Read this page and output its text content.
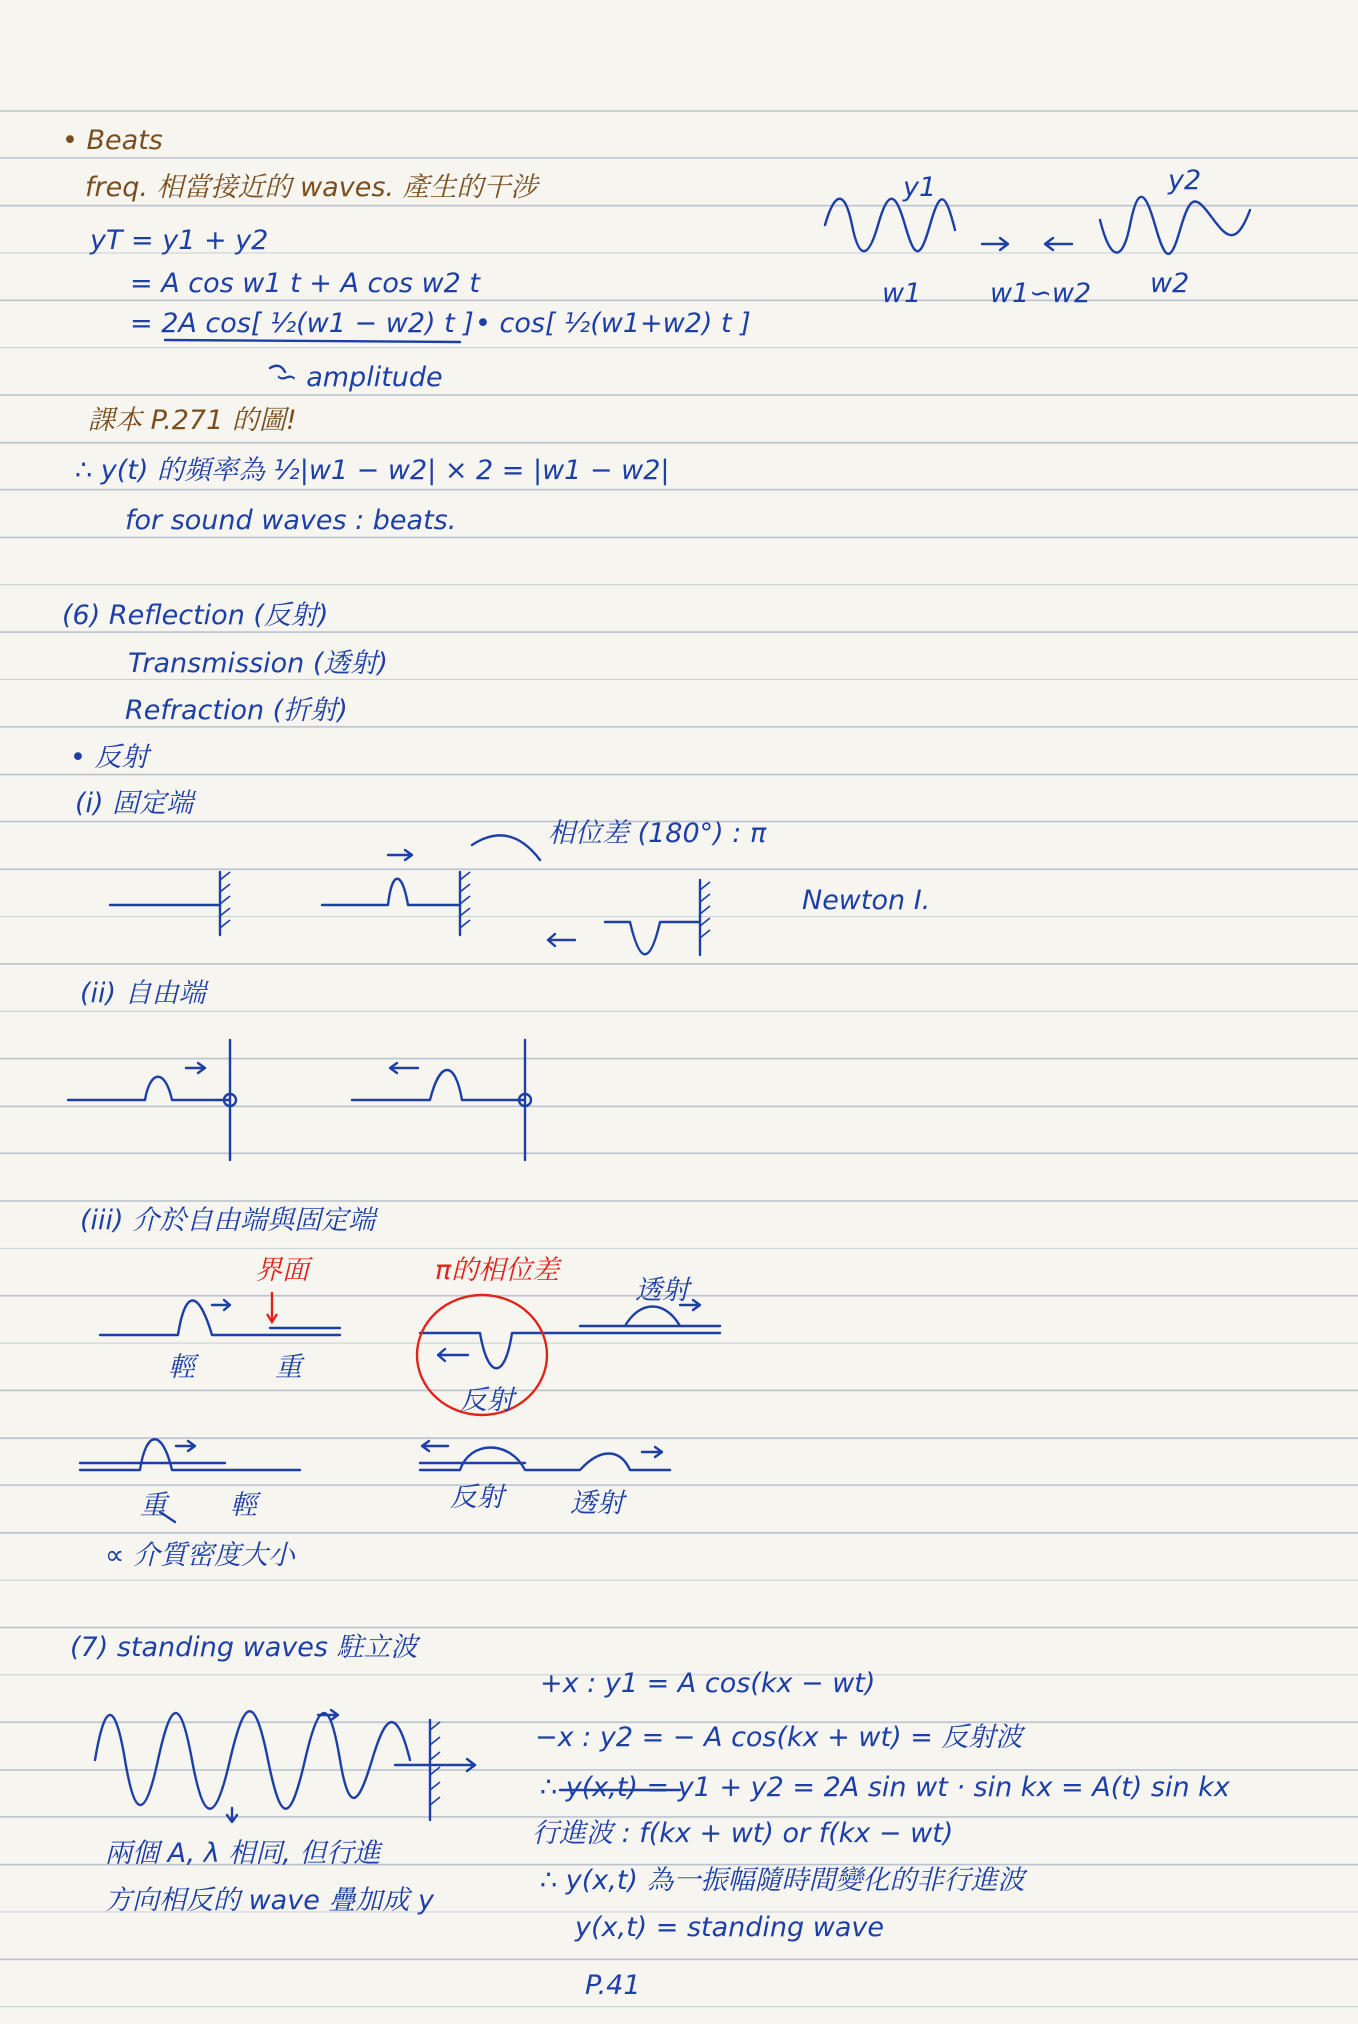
• Beats
freq. 相當接近的 waves. 產生的干涉
yT = y1 + y2
= A cos w1 t + A cos w2 t
= 2A cos[ ½(w1 − w2) t ] • cos[ ½(w1+w2) t ]
∽ amplitude
課本 P.271 的圖!
∴ y(t) 的頻率為 ½|w1 − w2| × 2 = |w1 − w2|
for sound waves : beats.
y1	y2
w1	w1∽w2 w2
(6) Reflection (反射)
Transmission (透射)
Refraction (折射)
• 反射
(i) 固定端
相位差 (180°) : π
Newton I.
(ii) 自由端
(iii) 介於自由端與固定端
界面	π的相位差
透射
輕	重
反射
重 輕	反射 透射
∝ 介質密度大小
(7) standing waves 駐立波
+x : y1 = A cos(kx − wt)
−x : y2 = − A cos(kx + wt) = 反射波
∴ y(x,t) = y1 + y2 = 2A sin wt · sin kx = A(t) sin kx
行進波 : f(kx + wt) or f(kx − wt)
∴ y(x,t) 為一振幅隨時間變化的非行進波
y(x,t) = standing wave
兩個 A, λ 相同, 但行進
方向相反的 wave 疊加成 y
P.41
